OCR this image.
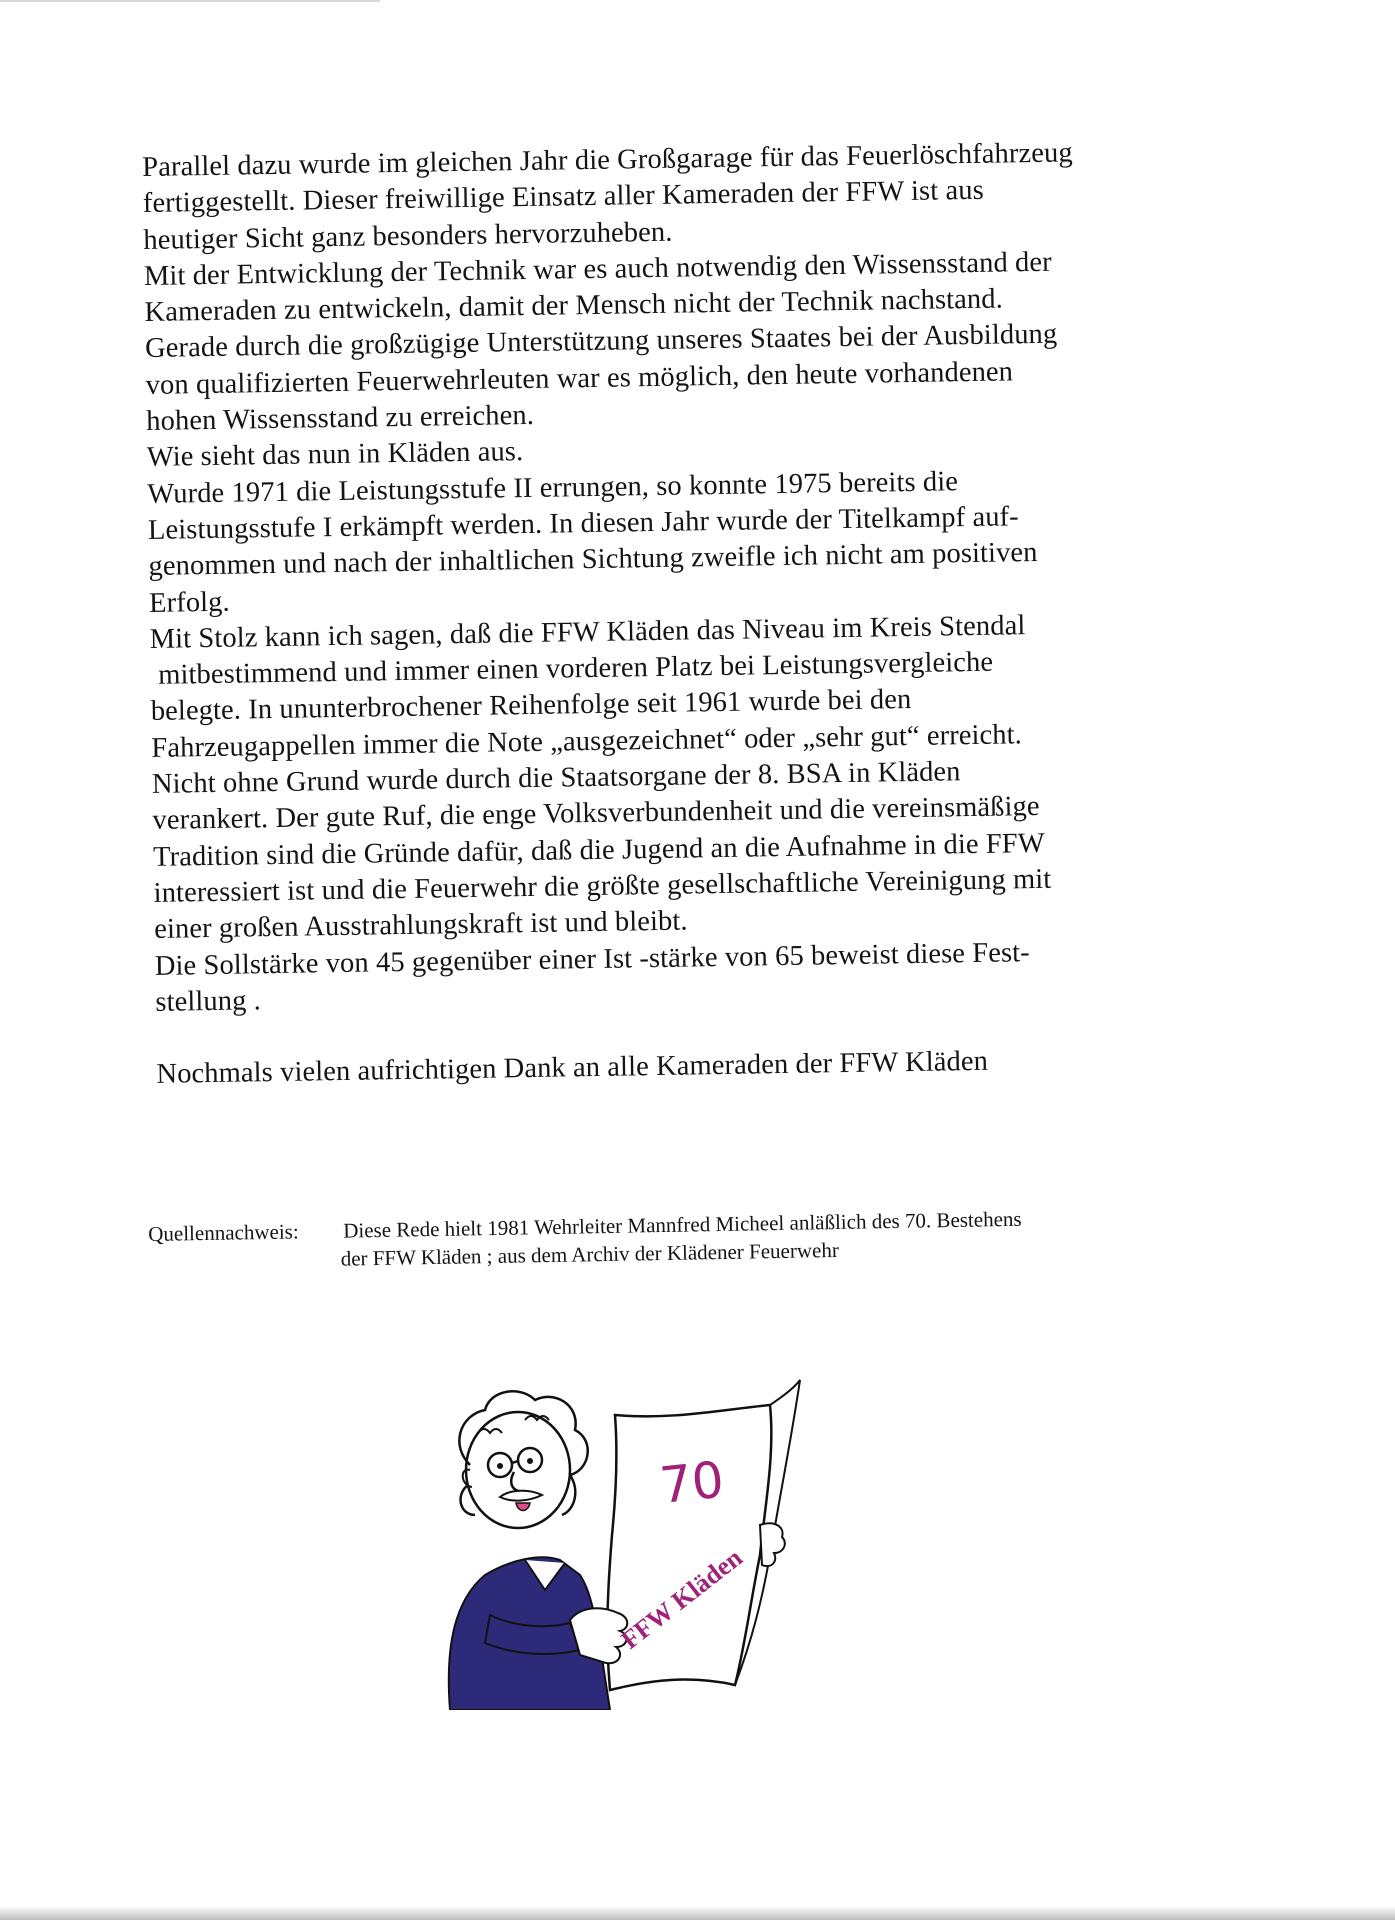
Parallel dazu wurde im gleichen Jahr die Großgarage für das Feuerlöschfahrzeug
fertiggestellt. Dieser freiwillige Einsatz aller Kameraden der FFW ist aus
heutiger Sicht ganz besonders hervorzuheben.
Mit der Entwicklung der Technik war es auch notwendig den Wissensstand der
Kameraden zu entwickeln, damit der Mensch nicht der Technik nachstand.
Gerade durch die großzügige Unterstützung unseres Staates bei der Ausbildung
von qualifizierten Feuerwehrleuten war es möglich, den heute vorhandenen
hohen Wissensstand zu erreichen.
Wie sieht das nun in Kläden aus.
Wurde 1971 die Leistungsstufe II errungen, so konnte 1975 bereits die
Leistungsstufe I erkämpft werden. In diesen Jahr wurde der Titelkampf auf-
genommen und nach der inhaltlichen Sichtung zweifle ich nicht am positiven
Erfolg.
Mit Stolz kann ich sagen, daß die FFW Kläden das Niveau im Kreis Stendal
mitbestimmend und immer einen vorderen Platz bei Leistungsvergleiche
belegte. In ununterbrochener Reihenfolge seit 1961 wurde bei den
Fahrzeugappellen immer die Note „ausgezeichnet“ oder „sehr gut“ erreicht.
Nicht ohne Grund wurde durch die Staatsorgane der 8. BSA in Kläden
verankert. Der gute Ruf, die enge Volksverbundenheit und die vereinsmäßige
Tradition sind die Gründe dafür, daß die Jugend an die Aufnahme in die FFW
interessiert ist und die Feuerwehr die größte gesellschaftliche Vereinigung mit
einer großen Ausstrahlungskraft ist und bleibt.
Die Sollstärke von 45 gegenüber einer Ist -stärke von 65 beweist diese Fest-
stellung .
Nochmals vielen aufrichtigen Dank an alle Kameraden der FFW Kläden
Quellennachweis:	Diese Rede hielt 1981 Wehrleiter Mannfred Micheel anläßlich des 70. Bestehens
der FFW Kläden ; aus dem Archiv der Klädener Feuerwehr
70
FFW Kläden
